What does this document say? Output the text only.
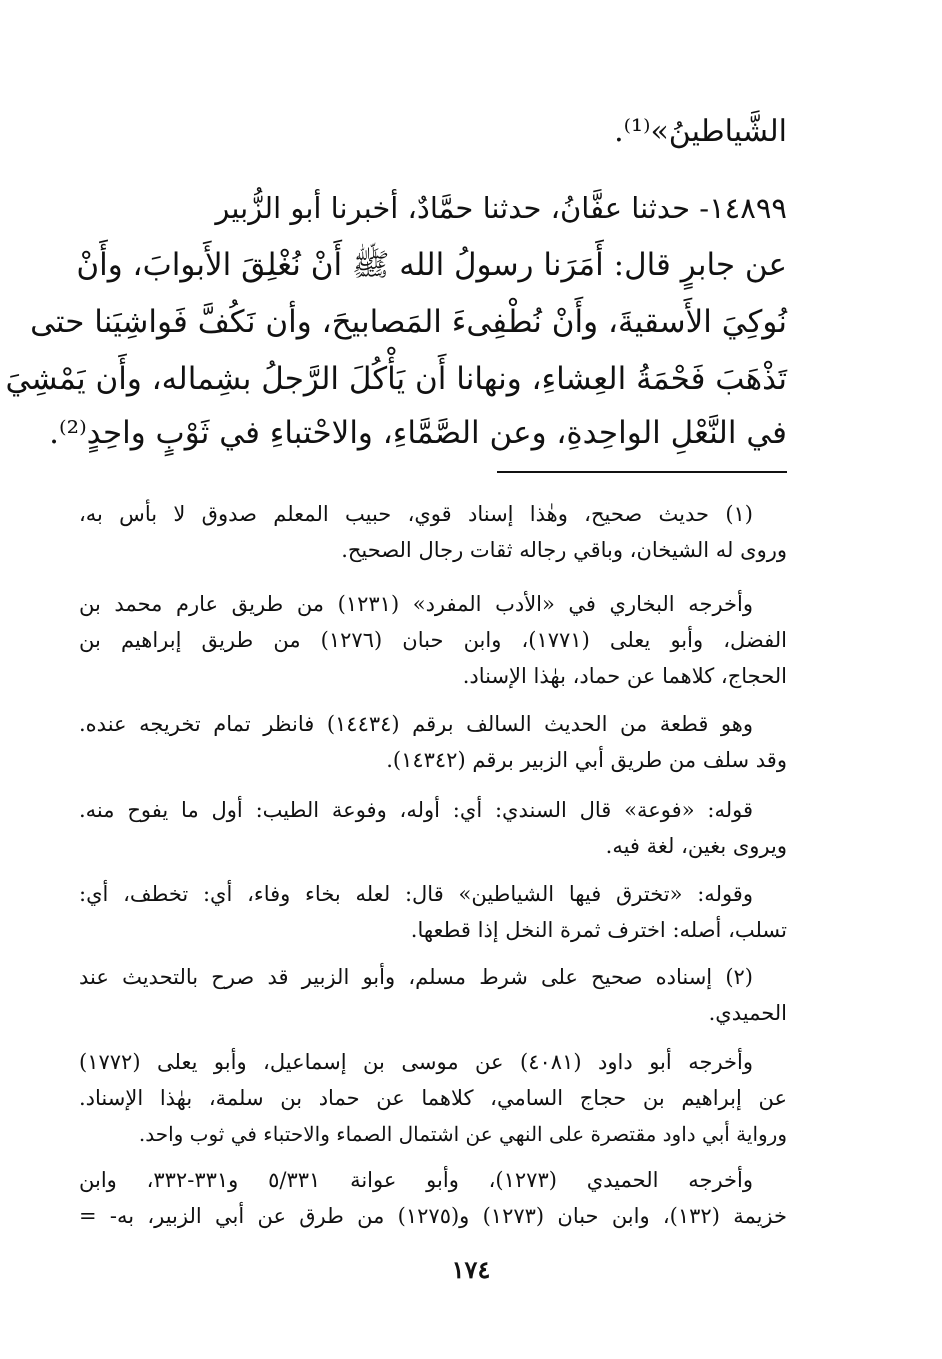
الشَّياطينُ»⁽¹⁾.
١٤٨٩٩- حدثنا عفَّانُ، حدثنا حمَّادٌ، أخبرنا أبو الزُّبير
عن جابرٍ قال: أَمَرَنا رسولُ الله ﷺ أَنْ نُغْلِقَ الأَبوابَ، وأَنْ
نُوكِيَ الأَسقيةَ، وأَنْ نُطْفِىءَ المَصابيحَ، وأن نَكُفَّ فَواشِيَنا حتى
تَذْهَبَ فَحْمَةُ العِشاءِ، ونهانا أَن يَأْكُلَ الرَّجلُ بشِماله، وأَن يَمْشِيَ
في النَّعْلِ الواحِدةِ، وعن الصَّمَّاءِ، والاحْتباءِ في ثَوْبٍ واحِدٍ⁽²⁾.
(١) حديث صحيح، وهٰذا إسناد قوي، حبيب المعلم صدوق لا بأس به،
وروى له الشيخان، وباقي رجاله ثقات رجال الصحيح.
وأخرجه البخاري في «الأدب المفرد» (١٢٣١) من طريق عارم محمد بن
الفضل، وأبو يعلى (١٧٧١)، وابن حبان (١٢٧٦) من طريق إبراهيم بن
الحجاج، كلاهما عن حماد، بهٰذا الإسناد.
وهو قطعة من الحديث السالف برقم (١٤٤٣٤) فانظر تمام تخريجه عنده.
وقد سلف من طريق أبي الزبير برقم (١٤٣٤٢).
قوله: «فوعة» قال السندي: أي: أوله، وفوعة الطيب: أول ما يفوح منه.
ويروى بغين، لغة فيه.
وقوله: «تخترق فيها الشياطين» قال: لعله بخاء وفاء، أي: تخطف، أي:
تسلب، أصله: اخترف ثمرة النخل إذا قطعها.
(٢) إسناده صحيح على شرط مسلم، وأبو الزبير قد صرح بالتحديث عند
الحميدي.
وأخرجه أبو داود (٤٠٨١) عن موسى بن إسماعيل، وأبو يعلى (١٧٧٢)
عن إبراهيم بن حجاج السامي، كلاهما عن حماد بن سلمة، بهٰذا الإسناد.
ورواية أبي داود مقتصرة على النهي عن اشتمال الصماء والاحتباء في ثوب واحد.
وأخرجه الحميدي (١٢٧٣)، وأبو عوانة ٥/٣٣١ و٣٣١-٣٣٢، وابن
خزيمة (١٣٢)، وابن حبان (١٢٧٣) و(١٢٧٥) من طرق عن أبي الزبير، به- =
١٧٤
